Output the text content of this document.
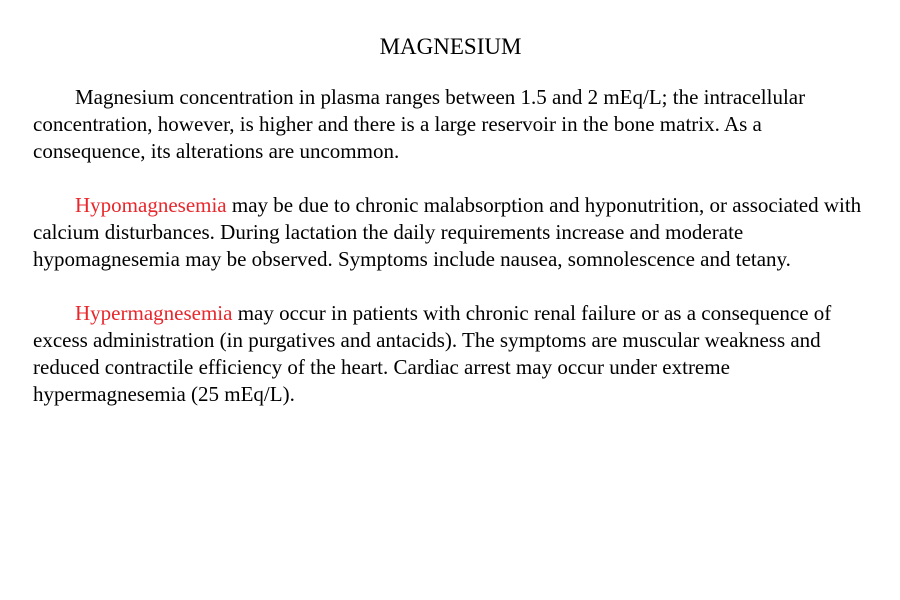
MAGNESIUM

Magnesium concentration in plasma ranges between 1.5 and 2 mEq/L; the intracellular concentration, however, is higher and there is a large reservoir in the bone matrix. As a consequence, its alterations are uncommon.

Hypomagnesemia may be due to chronic malabsorption and hyponutrition, or associated with calcium disturbances. During lactation the daily requirements increase and moderate hypomagnesemia may be observed. Symptoms include nausea, somnolescence and tetany.

Hypermagnesemia may occur in patients with chronic renal failure or as a consequence of excess administration (in purgatives and antacids). The symptoms are muscular weakness and reduced contractile efficiency of the heart. Cardiac arrest may occur under extreme hypermagnesemia (25 mEq/L).
